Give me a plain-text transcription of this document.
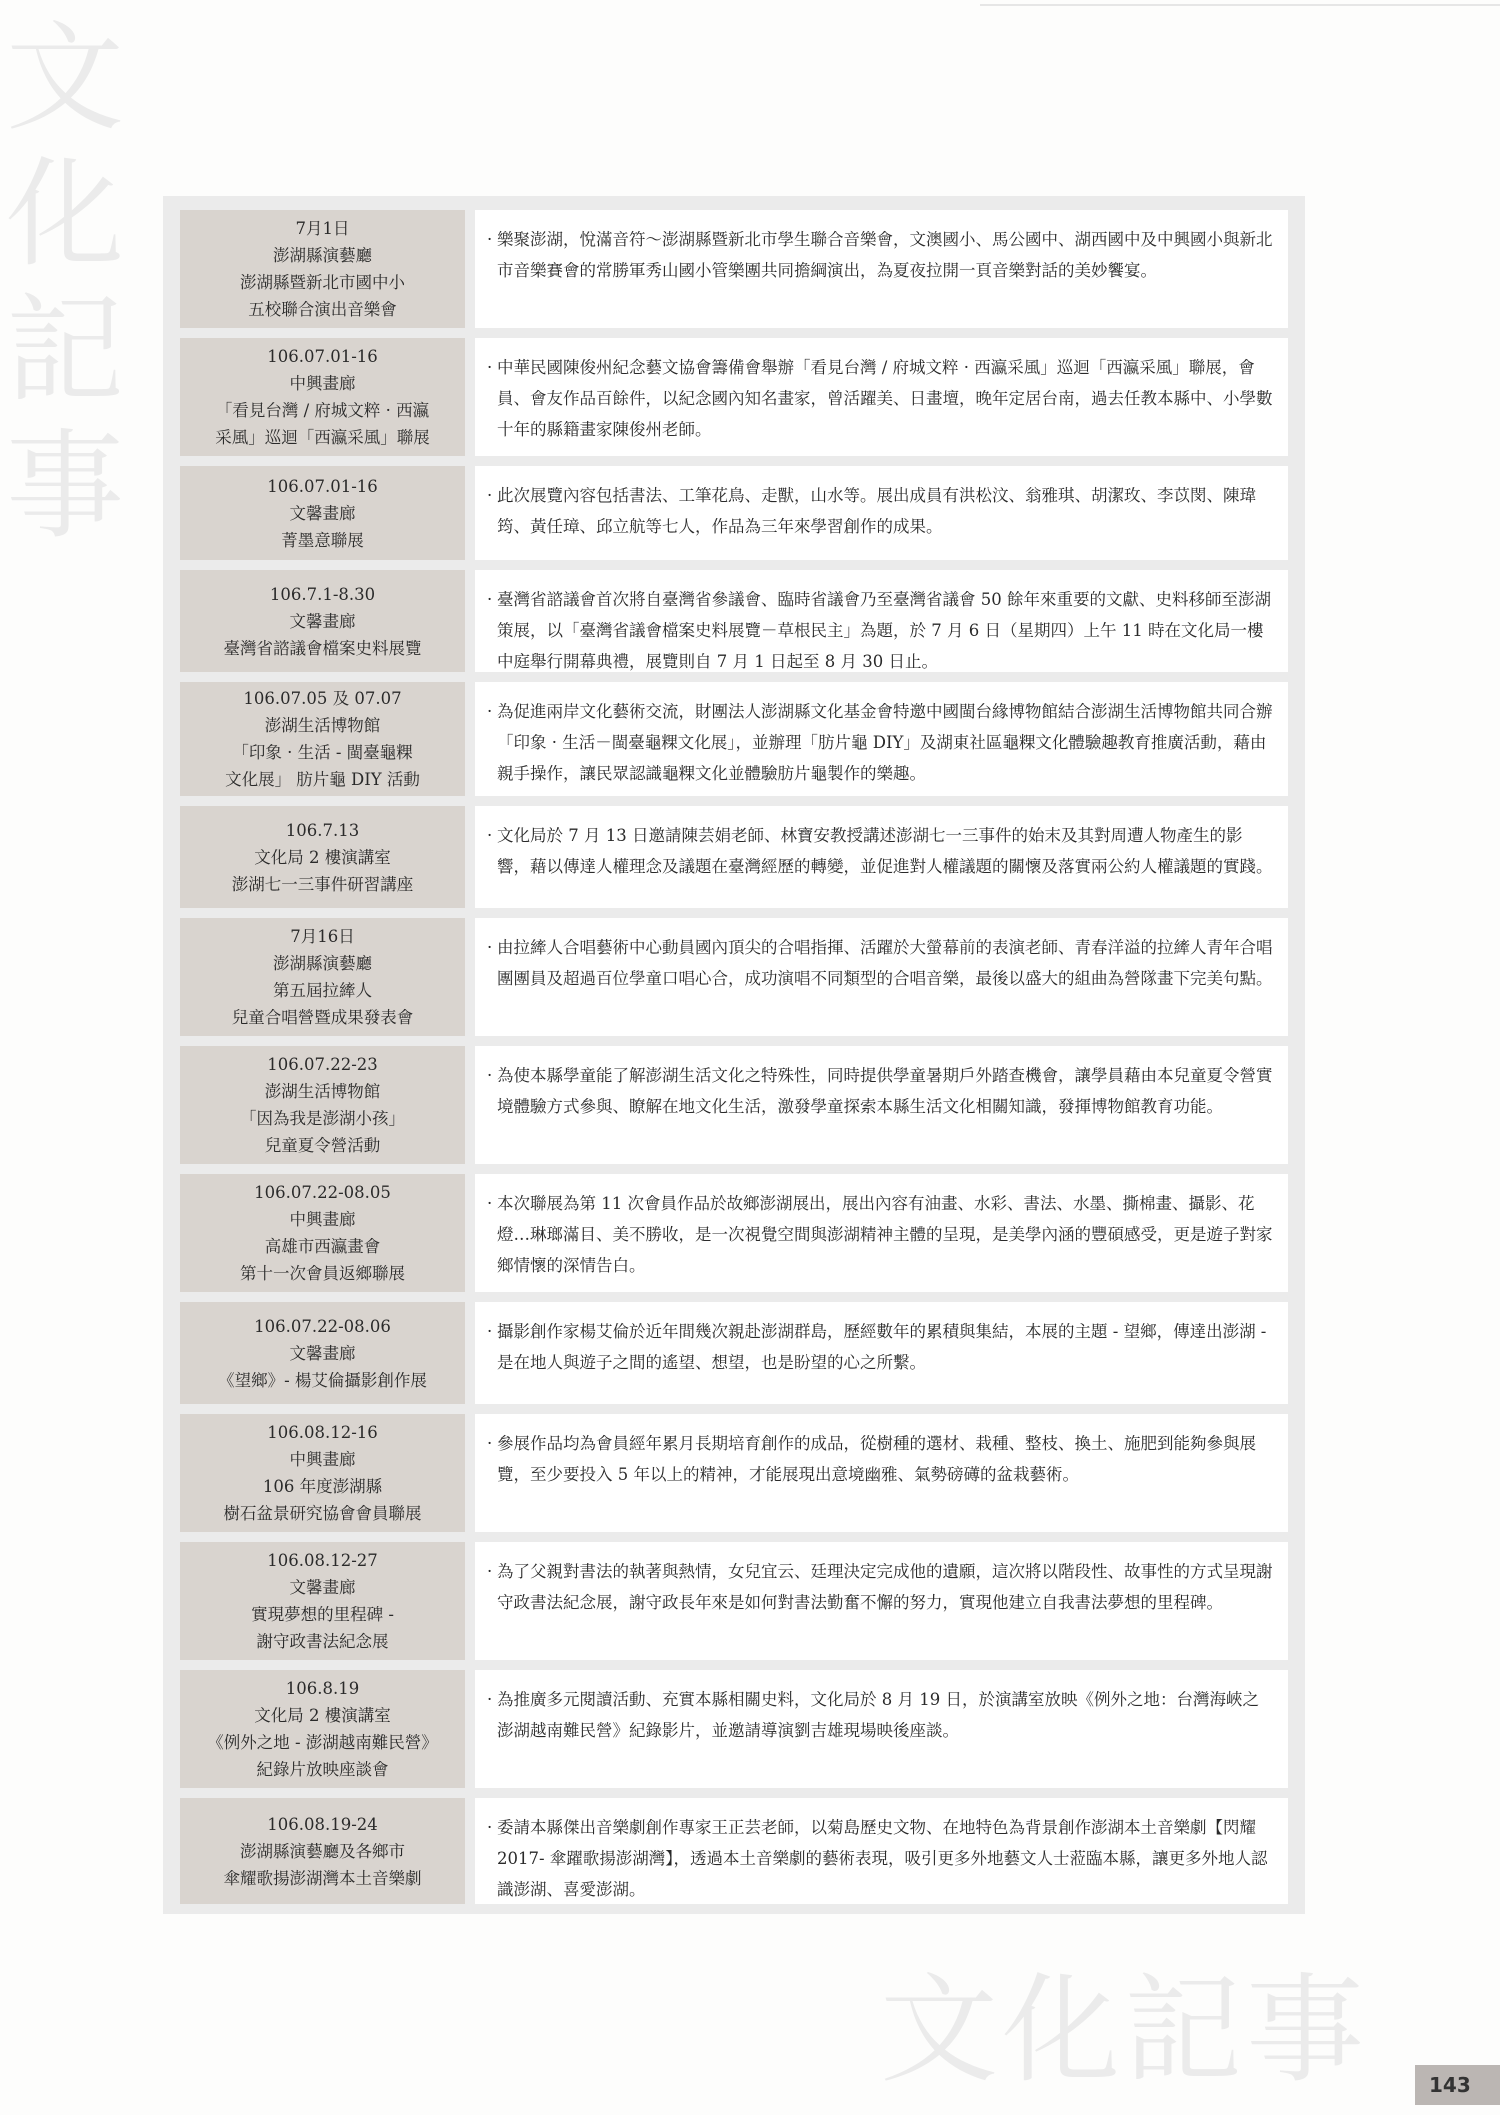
文
化
記
事
文化記事	143
7月1日
澎湖縣演藝廳
澎湖縣暨新北市國中小
五校聯合演出音樂會
· 樂聚澎湖，悅滿音符～澎湖縣暨新北市學生聯合音樂會，文澳國小、馬公國中、湖西國中及中興國小與新北市音樂賽會的常勝軍秀山國小管樂團共同擔綱演出，為夏夜拉開一頁音樂對話的美妙饗宴。
106.07.01-16
中興畫廊
「看見台灣 / 府城文粹 · 西瀛
采風」巡迴「西瀛采風」聯展
· 中華民國陳俊州紀念藝文協會籌備會舉辦「看見台灣 / 府城文粹 · 西瀛采風」巡迴「西瀛采風」聯展，會員、會友作品百餘件，以紀念國內知名畫家，曾活躍美、日畫壇，晚年定居台南，過去任教本縣中、小學數十年的縣籍畫家陳俊州老師。
106.07.01-16
文馨畫廊
菁墨意聯展
· 此次展覽內容包括書法、工筆花鳥、走獸，山水等。展出成員有洪松汶、翁雅琪、胡潔玫、李苡閔、陳瑋筠、黃任璋、邱立航等七人，作品為三年來學習創作的成果。
106.7.1-8.30
文馨畫廊
臺灣省諮議會檔案史料展覽
· 臺灣省諮議會首次將自臺灣省參議會、臨時省議會乃至臺灣省議會 50 餘年來重要的文獻、史料移師至澎湖策展，以「臺灣省議會檔案史料展覽－草根民主」為題，於 7 月 6 日（星期四）上午 11 時在文化局一樓中庭舉行開幕典禮，展覽則自 7 月 1 日起至 8 月 30 日止。
106.07.05 及 07.07
澎湖生活博物館
「印象 · 生活 - 閩臺龜粿
文化展」 肪片龜 DIY 活動
· 為促進兩岸文化藝術交流，財團法人澎湖縣文化基金會特邀中國閩台緣博物館結合澎湖生活博物館共同合辦「印象 · 生活－閩臺龜粿文化展」，並辦理「肪片龜 DIY」及湖東社區龜粿文化體驗趣教育推廣活動，藉由親手操作，讓民眾認識龜粿文化並體驗肪片龜製作的樂趣。
106.7.13
文化局 2 樓演講室
澎湖七一三事件研習講座
· 文化局於 7 月 13 日邀請陳芸娟老師、林寶安教授講述澎湖七一三事件的始末及其對周遭人物產生的影響，藉以傳達人權理念及議題在臺灣經歷的轉變，並促進對人權議題的關懷及落實兩公約人權議題的實踐。
7月16日
澎湖縣演藝廳
第五屆拉縴人
兒童合唱營暨成果發表會
· 由拉縴人合唱藝術中心動員國內頂尖的合唱指揮、活躍於大螢幕前的表演老師、青春洋溢的拉縴人青年合唱團團員及超過百位學童口唱心合，成功演唱不同類型的合唱音樂，最後以盛大的組曲為營隊畫下完美句點。
106.07.22-23
澎湖生活博物館
「因為我是澎湖小孩」
兒童夏令營活動
· 為使本縣學童能了解澎湖生活文化之特殊性，同時提供學童暑期戶外踏查機會，讓學員藉由本兒童夏令營實境體驗方式參與、瞭解在地文化生活，激發學童探索本縣生活文化相關知識，發揮博物館教育功能。
106.07.22-08.05
中興畫廊
高雄市西瀛畫會
第十一次會員返鄉聯展
· 本次聯展為第 11 次會員作品於故鄉澎湖展出，展出內容有油畫、水彩、書法、水墨、撕棉畫、攝影、花燈…琳瑯滿目、美不勝收，是一次視覺空間與澎湖精神主體的呈現，是美學內涵的豐碩感受，更是遊子對家鄉情懷的深情告白。
106.07.22-08.06
文馨畫廊
《望鄉》- 楊艾倫攝影創作展
· 攝影創作家楊艾倫於近年間幾次親赴澎湖群島，歷經數年的累積與集結，本展的主題 - 望鄉，傳達出澎湖 - 是在地人與遊子之間的遙望、想望，也是盼望的心之所繫。
106.08.12-16
中興畫廊
106 年度澎湖縣
樹石盆景研究協會會員聯展
· 參展作品均為會員經年累月長期培育創作的成品，從樹種的選材、栽種、整枝、換土、施肥到能夠參與展覽，至少要投入 5 年以上的精神，才能展現出意境幽雅、氣勢磅礡的盆栽藝術。
106.08.12-27
文馨畫廊
實現夢想的里程碑 -
謝守政書法紀念展
· 為了父親對書法的執著與熱情，女兒宜云、廷理決定完成他的遺願，這次將以階段性、故事性的方式呈現謝守政書法紀念展，謝守政長年來是如何對書法勤奮不懈的努力，實現他建立自我書法夢想的里程碑。
106.8.19
文化局 2 樓演講室
《例外之地 - 澎湖越南難民營》
紀錄片放映座談會
· 為推廣多元閱讀活動、充實本縣相關史料，文化局於 8 月 19 日，於演講室放映《例外之地：台灣海峽之澎湖越南難民營》紀錄影片，並邀請導演劉吉雄現場映後座談。
106.08.19-24
澎湖縣演藝廳及各鄉市
傘耀歌揚澎湖灣本土音樂劇
· 委請本縣傑出音樂劇創作專家王正芸老師，以菊島歷史文物、在地特色為背景創作澎湖本土音樂劇【閃耀 2017- 傘躍歌揚澎湖灣】，透過本土音樂劇的藝術表現，吸引更多外地藝文人士蒞臨本縣，讓更多外地人認識澎湖、喜愛澎湖。
